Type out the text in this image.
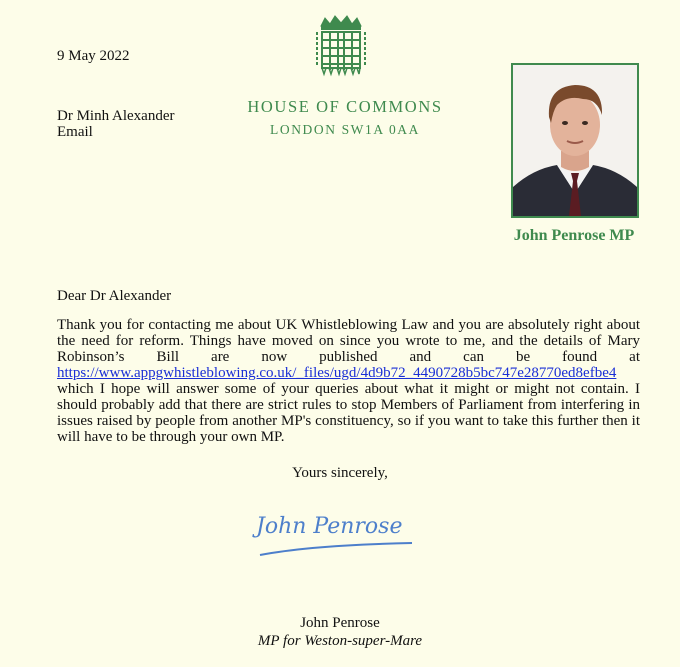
HOUSE OF COMMONS
LONDON SW1A 0AA
9 May 2022
Dr Minh Alexander
Email
John Penrose MP
Dear Dr Alexander
Thank you for contacting me about UK Whistleblowing Law and you are absolutely right about the need for reform. Things have moved on since you wrote to me, and the details of Mary Robinson’s Bill are now published and can be found at
https://www.appgwhistleblowing.co.uk/_files/ugd/4d9b72_4490728b5bc747e28770ed8efbe4
which I hope will answer some of your queries about what it might or might not contain. I should probably add that there are strict rules to stop Members of Parliament from interfering in issues raised by people from another MP's constituency, so if you want to take this further then it will have to be through your own MP.
Yours sincerely,
John Penrose
John Penrose
MP for Weston-super-Mare
